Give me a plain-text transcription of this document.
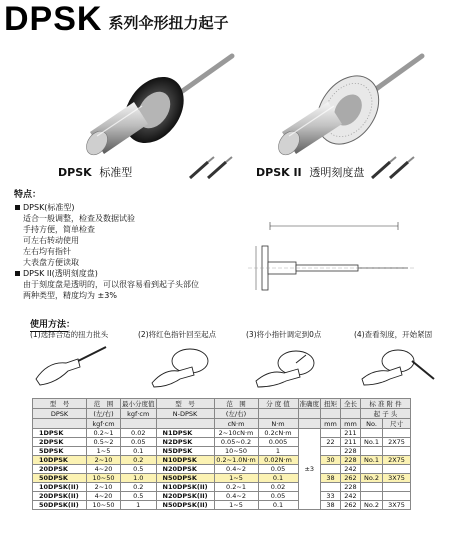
DPSK 系列伞形扭力起子
DPSK 标准型	DPSK II 透明刻度盘
特点：
DPSK(标准型)
适合一般调整，检查及数据试验
手持方便，简单检查
可左右转动使用
左右均有指针
大表盘方便读取
DPSK II(透明刻度盘)
由于刻度盘是透明的，可以很容易看到起子头部位
两种类型，精度均为 ±3%
使用方法：
(1)选择合适的扭力批头	(2)将红色指针回至起点	(3)将小指针调定到0点	(4)查看刻度，开始紧固
型　号	范　围	最小分度值	型　号	范　围	分 度 值	准确度	扭矩	全长	标 准 附 件	
DPSK	(左/右)	kgf·cm	N-DPSK	(左/右)					起 子 头	
	kgf·cm			cN·m	N·m		mm	mm	No.	尺寸
1DPSK	0.2~1	0.02	N1DPSK	2~10cN·m	0.2cN·m	±3		211		
2DPSK	0.5~2	0.05	N2DPSK	0.05~0.2	0.005		22	211	No.1	2X75
5DPSK	1~5	0.1	N5DPSK	10~50	1			228		
10DPSK	2~10	0.2	N10DPSK	0.2~1.0N·m	0.02N·m		30	228	No.1	2X75
20DPSK	4~20	0.5	N20DPSK	0.4~2	0.05			242		
50DPSK	10~50	1.0	N50DPSK	1~5	0.1		38	262	No.2	3X75
10DPSK(II)	2~10	0.2	N10DPSK(II)	0.2~1	0.02			228		
20DPSK(II)	4~20	0.5	N20DPSK(II)	0.4~2	0.05		33	242		
50DPSK(II)	10~50	1	N50DPSK(II)	1~5	0.1		38	262	No.2	3X75
